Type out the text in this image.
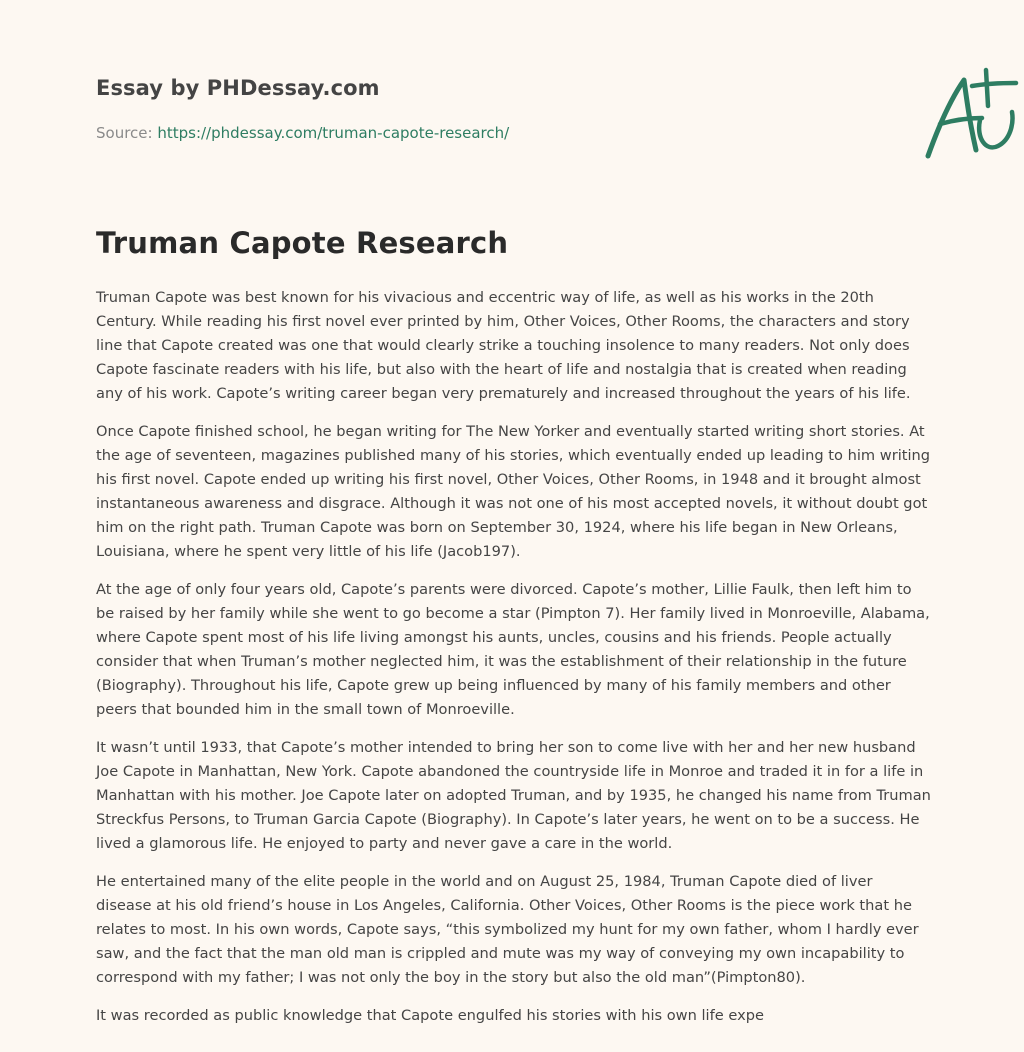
Essay by PHDessay.com
Source: https://phdessay.com/truman-capote-research/
Truman Capote Research

Truman Capote was best known for his vivacious and eccentric way of life, as well as his works in the 20th Century. While reading his first novel ever printed by him, Other Voices, Other Rooms, the characters and story line that Capote created was one that would clearly strike a touching insolence to many readers. Not only does Capote fascinate readers with his life, but also with the heart of life and nostalgia that is created when reading any of his work. Capote’s writing career began very prematurely and increased throughout the years of his life.

Once Capote finished school, he began writing for The New Yorker and eventually started writing short stories. At the age of seventeen, magazines published many of his stories, which eventually ended up leading to him writing his first novel. Capote ended up writing his first novel, Other Voices, Other Rooms, in 1948 and it brought almost instantaneous awareness and disgrace. Although it was not one of his most accepted novels, it without doubt got him on the right path. Truman Capote was born on September 30, 1924, where his life began in New Orleans, Louisiana, where he spent very little of his life (Jacob197).

At the age of only four years old, Capote’s parents were divorced. Capote’s mother, Lillie Faulk, then left him to be raised by her family while she went to go become a star (Pimpton 7). Her family lived in Monroeville, Alabama, where Capote spent most of his life living amongst his aunts, uncles, cousins and his friends. People actually consider that when Truman’s mother neglected him, it was the establishment of their relationship in the future (Biography). Throughout his life, Capote grew up being influenced by many of his family members and other peers that bounded him in the small town of Monroeville.

It wasn’t until 1933, that Capote’s mother intended to bring her son to come live with her and her new husband Joe Capote in Manhattan, New York. Capote abandoned the countryside life in Monroe and traded it in for a life in Manhattan with his mother. Joe Capote later on adopted Truman, and by 1935, he changed his name from Truman Streckfus Persons, to Truman Garcia Capote (Biography). In Capote’s later years, he went on to be a success. He lived a glamorous life. He enjoyed to party and never gave a care in the world.

He entertained many of the elite people in the world and on August 25, 1984, Truman Capote died of liver disease at his old friend’s house in Los Angeles, California. Other Voices, Other Rooms is the piece work that he relates to most. In his own words, Capote says, “this symbolized my hunt for my own father, whom I hardly ever saw, and the fact that the man old man is crippled and mute was my way of conveying my own incapability to correspond with my father; I was not only the boy in the story but also the old man”(Pimpton80).

It was recorded as public knowledge that Capote engulfed his stories with his own life expe
